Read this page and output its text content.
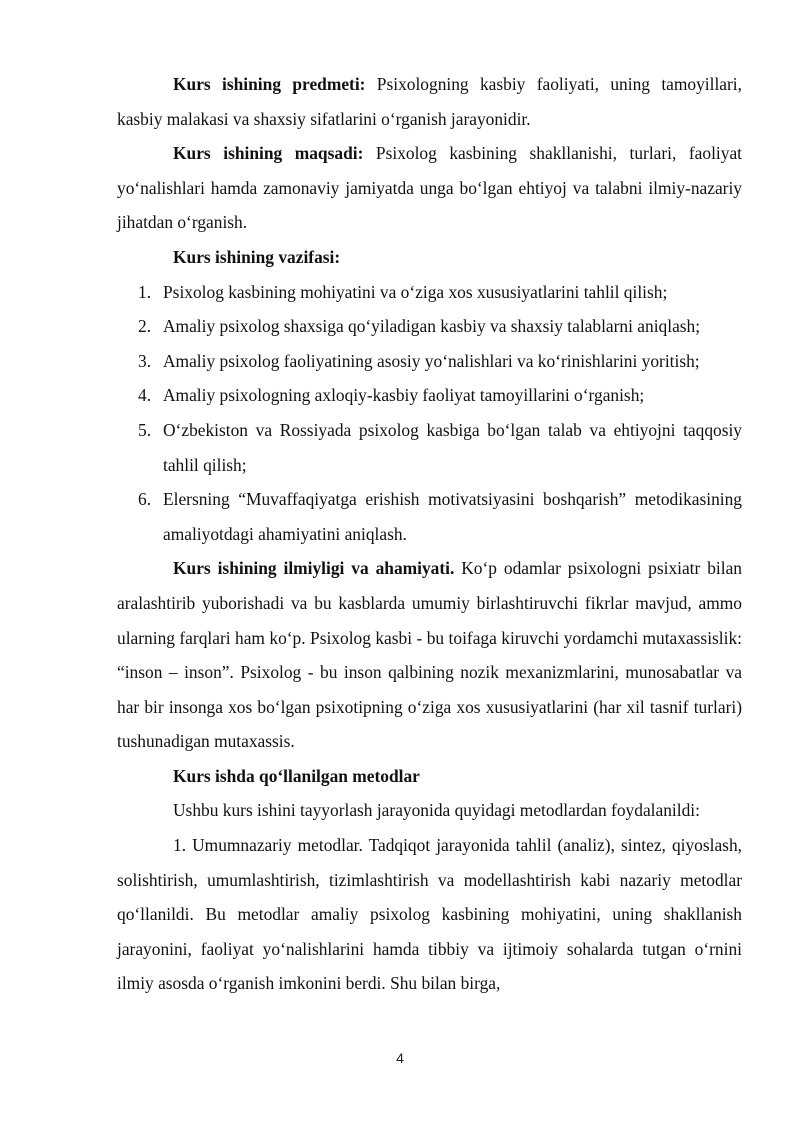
Kurs ishining predmeti: Psixologning kasbiy faoliyati, uning tamoyillari, kasbiy malakasi va shaxsiy sifatlarini o‘rganish jarayonidir.

Kurs ishining maqsadi: Psixolog kasbining shakllanishi, turlari, faoliyat yo‘nalishlari hamda zamonaviy jamiyatda unga bo‘lgan ehtiyoj va talabni ilmiy-nazariy jihatdan o‘rganish.

Kurs ishining vazifasi:

1. Psixolog kasbining mohiyatini va o‘ziga xos xususiyatlarini tahlil qilish;
2. Amaliy psixolog shaxsiga qo‘yiladigan kasbiy va shaxsiy talablarni aniqlash;
3. Amaliy psixolog faoliyatining asosiy yo‘nalishlari va ko‘rinishlarini yoritish;
4. Amaliy psixologning axloqiy-kasbiy faoliyat tamoyillarini o‘rganish;
5. O‘zbekiston va Rossiyada psixolog kasbiga bo‘lgan talab va ehtiyojni taqqosiy tahlil qilish;
6. Elersning “Muvaffaqiyatga erishish motivatsiyasini boshqarish” metodikasining amaliyotdagi ahamiyatini aniqlash.

Kurs ishining ilmiyligi va ahamiyati. Ko‘p odamlar psixologni psixiatr bilan aralashtirib yuborishadi va bu kasblarda umumiy birlashtiruvchi fikrlar mavjud, ammo ularning farqlari ham ko‘p. Psixolog kasbi - bu toifaga kiruvchi yordamchi mutaxassislik: “inson – inson”. Psixolog - bu inson qalbining nozik mexanizmlarini, munosabatlar va har bir insonga xos bo‘lgan psixotipning o‘ziga xos xususiyatlarini (har xil tasnif turlari) tushunadigan mutaxassis.

Kurs ishda qo‘llanilgan metodlar

Ushbu kurs ishini tayyorlash jarayonida quyidagi metodlardan foydalanildi:

1. Umumnazariy metodlar. Tadqiqot jarayonida tahlil (analiz), sintez, qiyoslash, solishtirish, umumlashtirish, tizimlashtirish va modellashtirish kabi nazariy metodlar qo‘llanildi. Bu metodlar amaliy psixolog kasbining mohiyatini, uning shakllanish jarayonini, faoliyat yo‘nalishlarini hamda tibbiy va ijtimoiy sohalarda tutgan o‘rnini ilmiy asosda o‘rganish imkonini berdi. Shu bilan birga,

4
